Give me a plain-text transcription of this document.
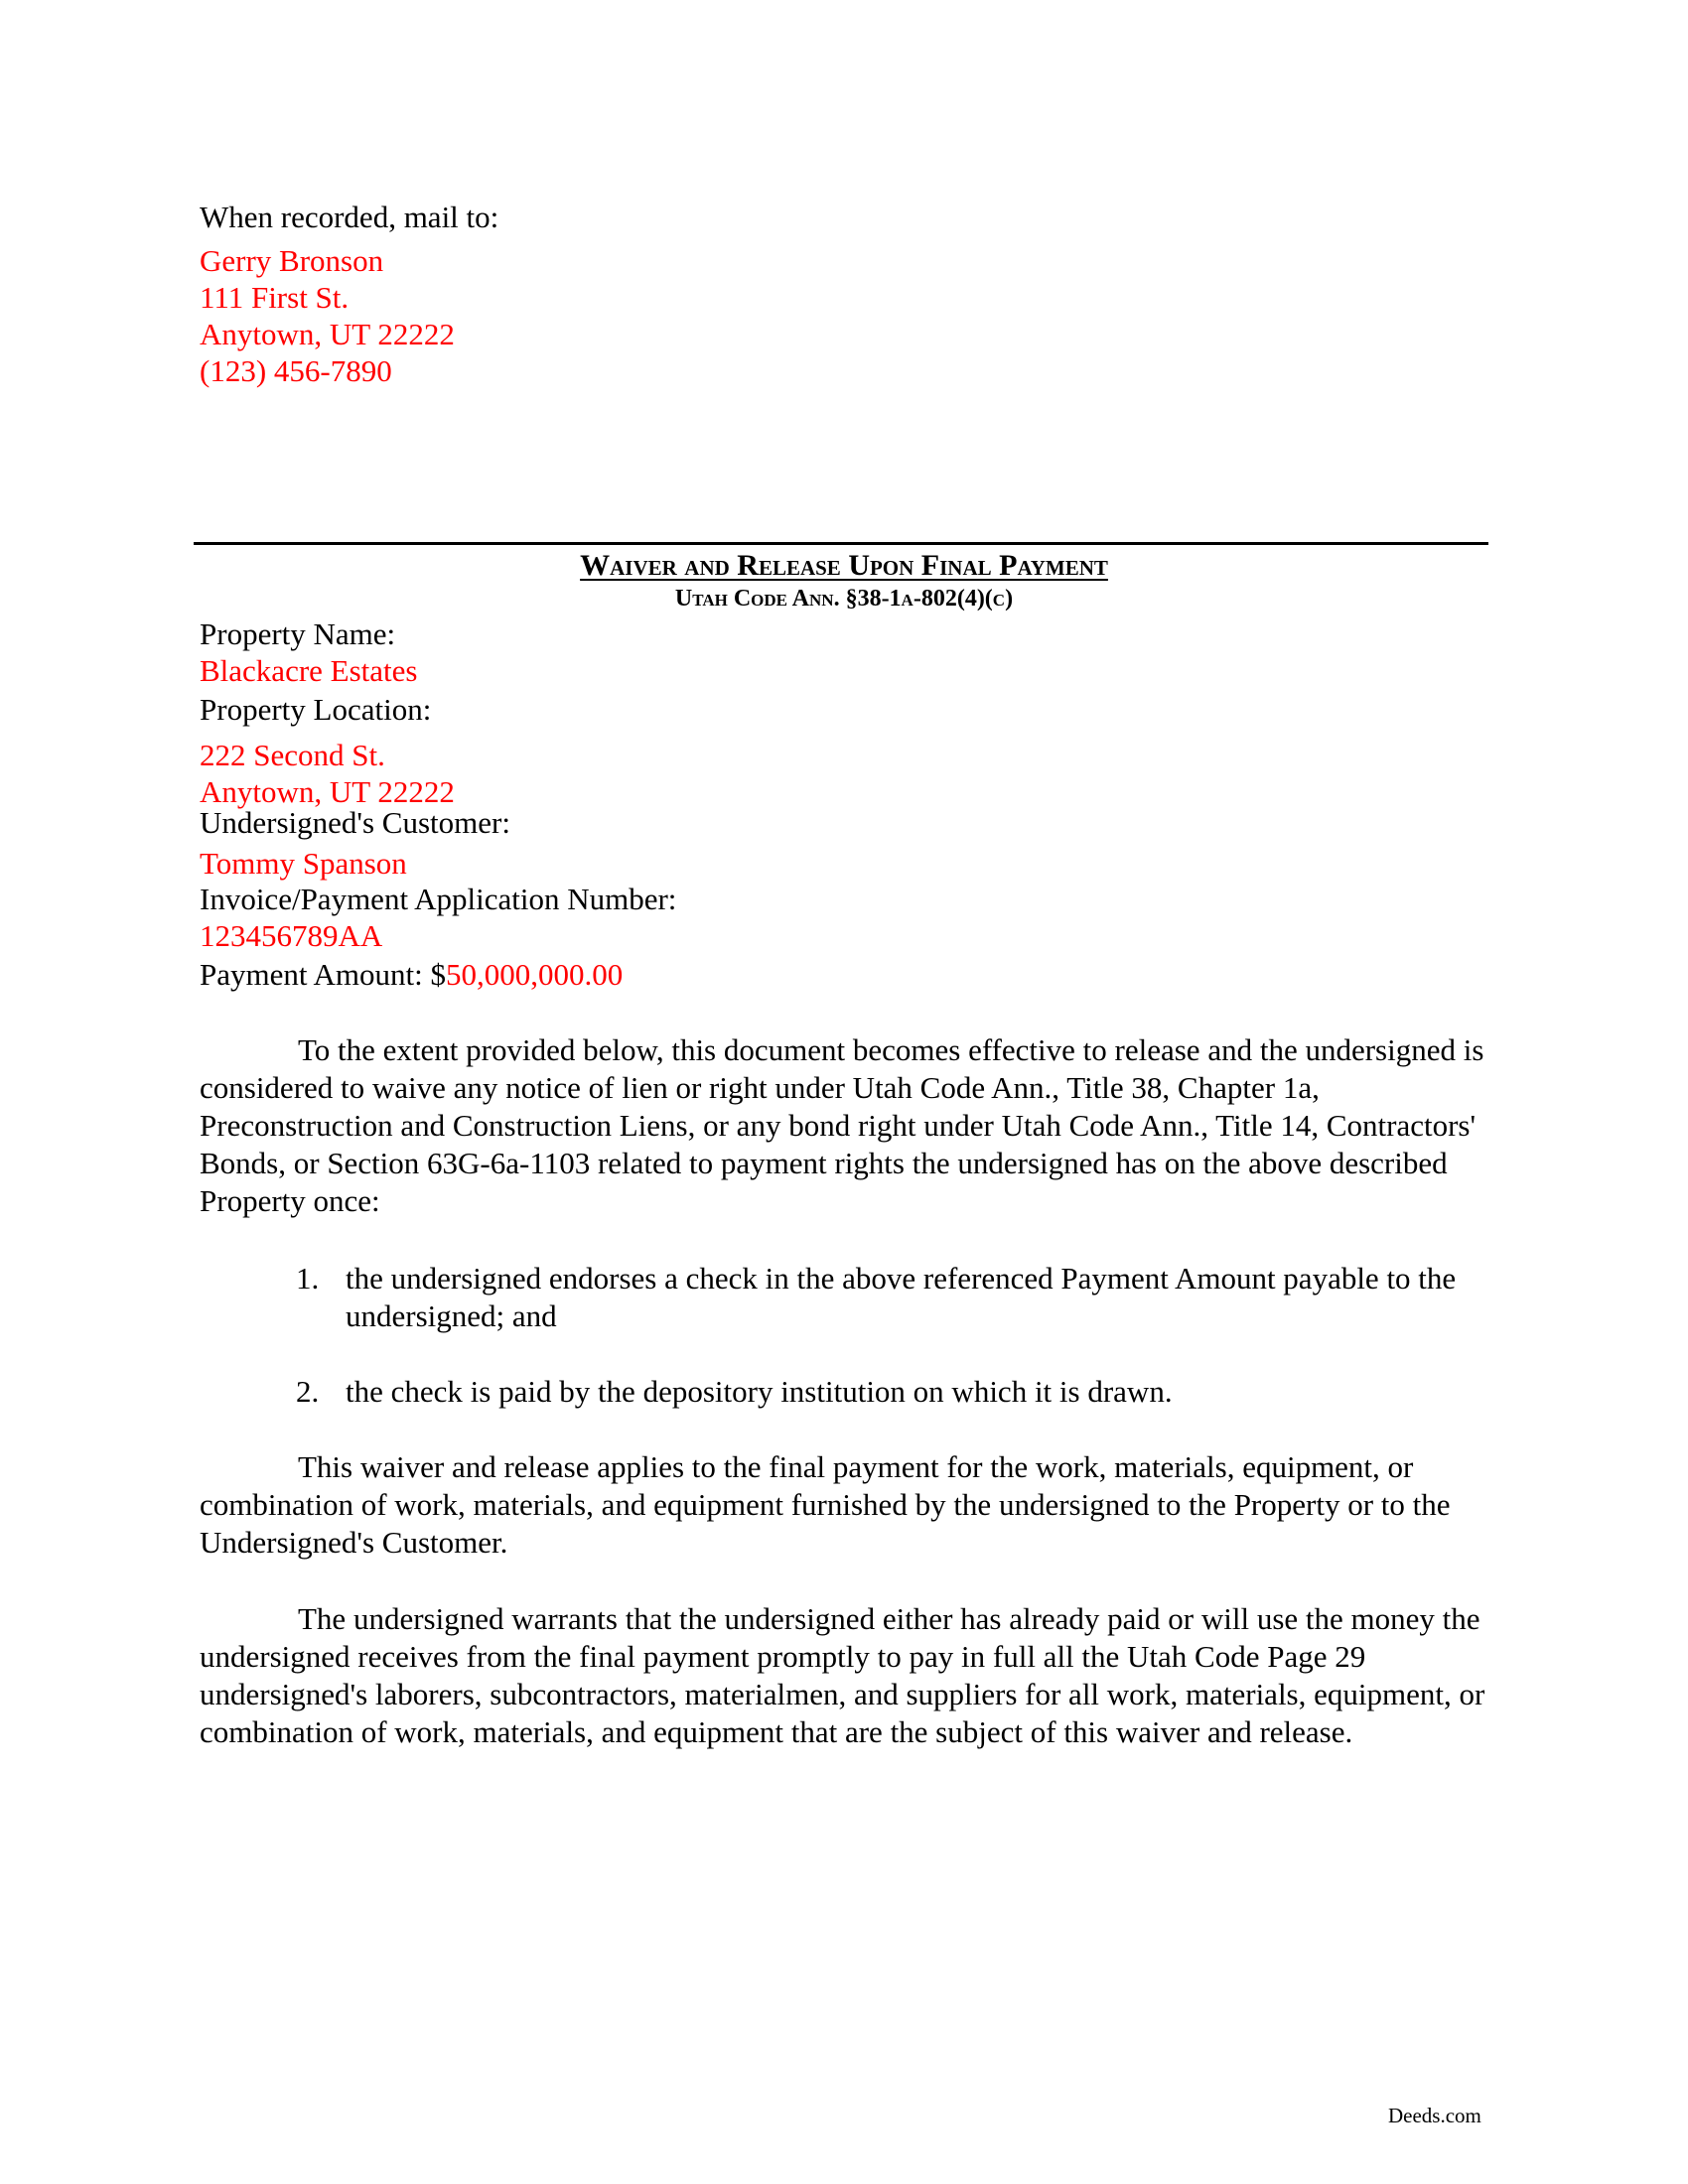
When recorded, mail to:
Gerry Bronson
111 First St.
Anytown, UT 22222
(123) 456-7890
Waiver and Release Upon Final Payment
Utah Code Ann. §38-1a-802(4)(c)
Property Name:
Blackacre Estates
Property Location:
222 Second St.
Anytown, UT 22222
Undersigned's Customer:
Tommy Spanson
Invoice/Payment Application Number:
123456789AA
Payment Amount: $50,000,000.00

To the extent provided below, this document becomes effective to release and the undersigned is considered to waive any notice of lien or right under Utah Code Ann., Title 38, Chapter 1a, Preconstruction and Construction Liens, or any bond right under Utah Code Ann., Title 14, Contractors' Bonds, or Section 63G-6a-1103 related to payment rights the undersigned has on the above described Property once:

1. the undersigned endorses a check in the above referenced Payment Amount payable to the undersigned; and
2. the check is paid by the depository institution on which it is drawn.

This waiver and release applies to the final payment for the work, materials, equipment, or combination of work, materials, and equipment furnished by the undersigned to the Property or to the Undersigned's Customer.

The undersigned warrants that the undersigned either has already paid or will use the money the undersigned receives from the final payment promptly to pay in full all the Utah Code Page 29 undersigned's laborers, subcontractors, materialmen, and suppliers for all work, materials, equipment, or combination of work, materials, and equipment that are the subject of this waiver and release.

Deeds.com
